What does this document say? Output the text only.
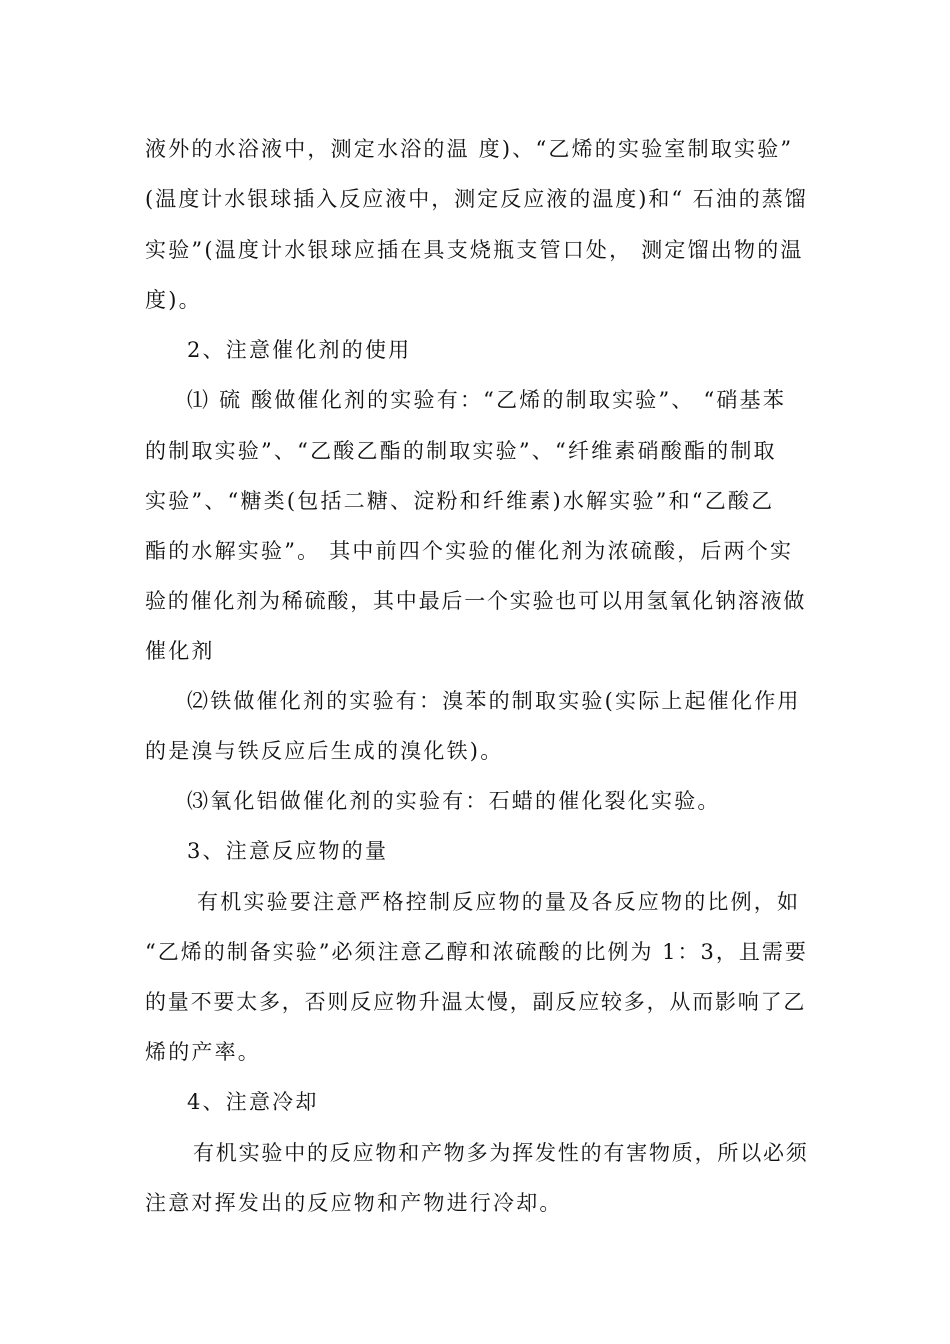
液外的水浴液中，测定水浴的温 度)、“乙烯的实验室制取实验”
(温度计水银球插入反应液中，测定反应液的温度)和“ 石油的蒸馏
实验”(温度计水银球应插在具支烧瓶支管口处， 测定馏出物的温
度)。
2、注意催化剂的使用
⑴ 硫 酸做催化剂的实验有：“乙烯的制取实验”、 “硝基苯
的制取实验”、“乙酸乙酯的制取实验”、“纤维素硝酸酯的制取
实验”、“糖类(包括二糖、淀粉和纤维素)水解实验”和“乙酸乙
酯的水解实验”。 其中前四个实验的催化剂为浓硫酸，后两个实
验的催化剂为稀硫酸，其中最后一个实验也可以用氢氧化钠溶液做
催化剂
⑵铁做催化剂的实验有：溴苯的制取实验(实际上起催化作用
的是溴与铁反应后生成的溴化铁)。
⑶氧化铝做催化剂的实验有：石蜡的催化裂化实验。
3、注意反应物的量
有机实验要注意严格控制反应物的量及各反应物的比例，如
“乙烯的制备实验”必须注意乙醇和浓硫酸的比例为 1：3，且需要
的量不要太多，否则反应物升温太慢，副反应较多，从而影响了乙
烯的产率。
4、注意冷却
有机实验中的反应物和产物多为挥发性的有害物质，所以必须
注意对挥发出的反应物和产物进行冷却。
